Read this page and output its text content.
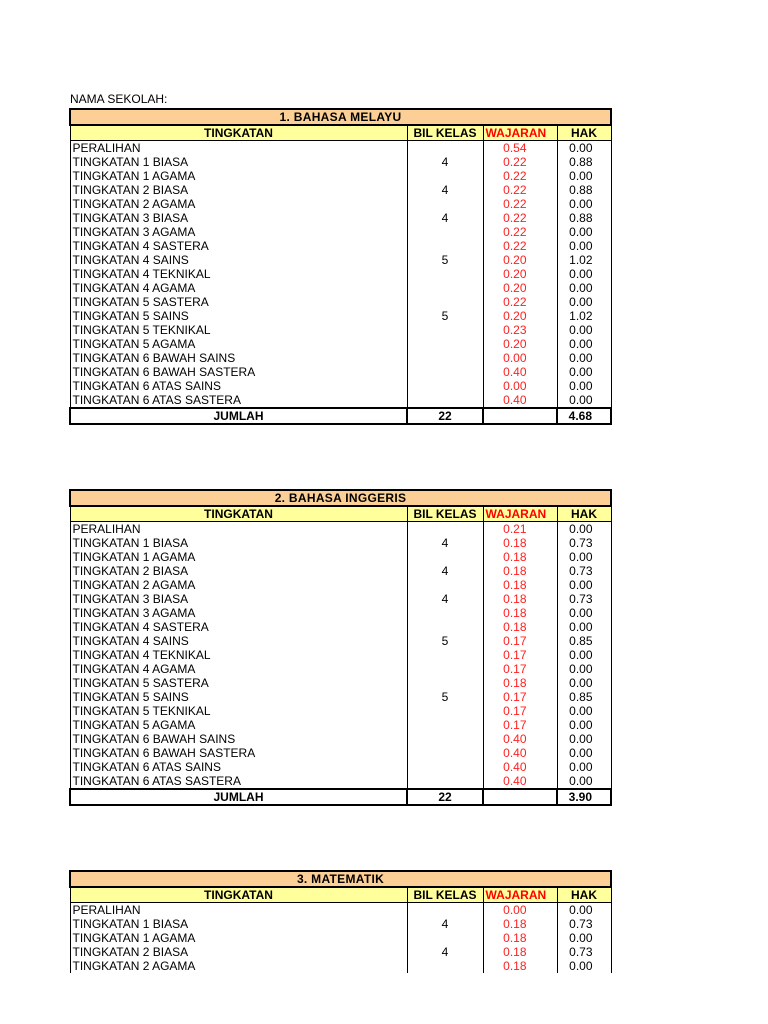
NAMA SEKOLAH:
1. BAHASA MELAYU			
TINGKATAN	BIL KELAS	WAJARAN	HAK
PERALIHAN		0.54	0.00
TINGKATAN 1 BIASA	4	0.22	0.88
TINGKATAN 1 AGAMA		0.22	0.00
TINGKATAN 2 BIASA	4	0.22	0.88
TINGKATAN 2 AGAMA		0.22	0.00
TINGKATAN 3 BIASA	4	0.22	0.88
TINGKATAN 3 AGAMA		0.22	0.00
TINGKATAN 4 SASTERA		0.22	0.00
TINGKATAN 4 SAINS	5	0.20	1.02
TINGKATAN 4 TEKNIKAL		0.20	0.00
TINGKATAN 4 AGAMA		0.20	0.00
TINGKATAN 5 SASTERA		0.22	0.00
TINGKATAN 5 SAINS	5	0.20	1.02
TINGKATAN 5 TEKNIKAL		0.23	0.00
TINGKATAN 5 AGAMA		0.20	0.00
TINGKATAN 6 BAWAH SAINS		0.00	0.00
TINGKATAN 6 BAWAH SASTERA		0.40	0.00
TINGKATAN 6 ATAS SAINS		0.00	0.00
TINGKATAN 6 ATAS SASTERA		0.40	0.00
JUMLAH	22		4.68
2. BAHASA INGGERIS			
TINGKATAN	BIL KELAS	WAJARAN	HAK
PERALIHAN		0.21	0.00
TINGKATAN 1 BIASA	4	0.18	0.73
TINGKATAN 1 AGAMA		0.18	0.00
TINGKATAN 2 BIASA	4	0.18	0.73
TINGKATAN 2 AGAMA		0.18	0.00
TINGKATAN 3 BIASA	4	0.18	0.73
TINGKATAN 3 AGAMA		0.18	0.00
TINGKATAN 4 SASTERA		0.18	0.00
TINGKATAN 4 SAINS	5	0.17	0.85
TINGKATAN 4 TEKNIKAL		0.17	0.00
TINGKATAN 4 AGAMA		0.17	0.00
TINGKATAN 5 SASTERA		0.18	0.00
TINGKATAN 5 SAINS	5	0.17	0.85
TINGKATAN 5 TEKNIKAL		0.17	0.00
TINGKATAN 5 AGAMA		0.17	0.00
TINGKATAN 6 BAWAH SAINS		0.40	0.00
TINGKATAN 6 BAWAH SASTERA		0.40	0.00
TINGKATAN 6 ATAS SAINS		0.40	0.00
TINGKATAN 6 ATAS SASTERA		0.40	0.00
JUMLAH	22		3.90
3. MATEMATIK			
TINGKATAN	BIL KELAS	WAJARAN	HAK
PERALIHAN		0.00	0.00
TINGKATAN 1 BIASA	4	0.18	0.73
TINGKATAN 1 AGAMA		0.18	0.00
TINGKATAN 2 BIASA	4	0.18	0.73
TINGKATAN 2 AGAMA		0.18	0.00
